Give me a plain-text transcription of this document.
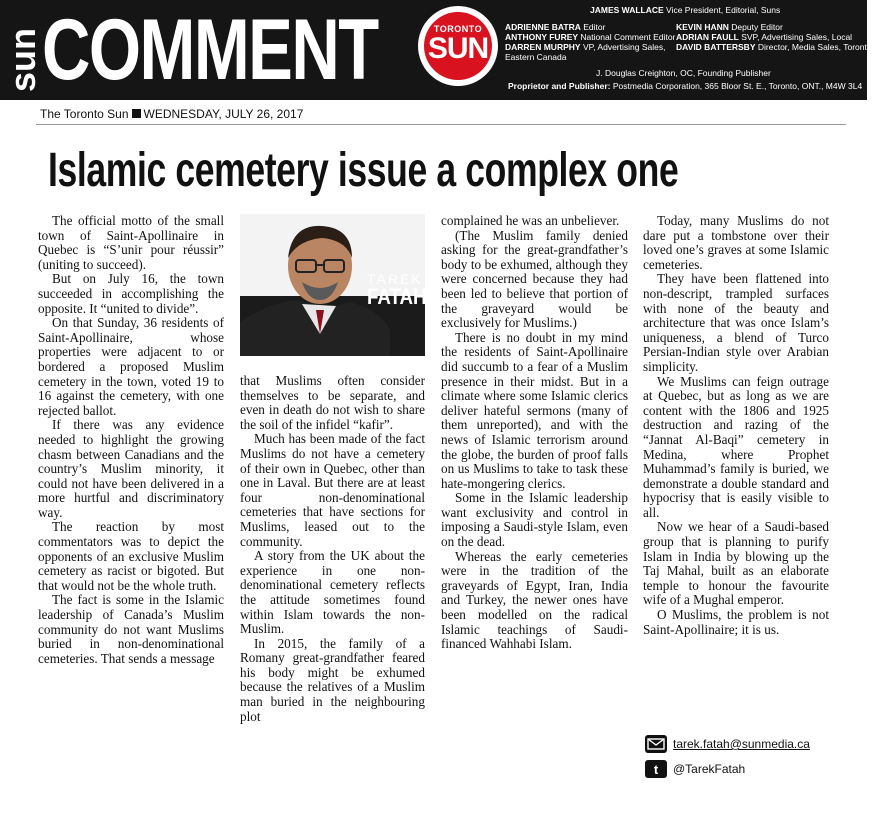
sun COMMENT	TORONTO
SUN
JAMES WALLACE Vice President, Editorial, Suns
ADRIENNE BATRA Editor
ANTHONY FUREY National Comment Editor
DARREN MURPHY VP, Advertising Sales,
Eastern Canada
KEVIN HANN Deputy Editor
ADRIAN FAULL SVP, Advertising Sales, Local
DAVID BATTERSBY Director, Media Sales, Toronto
J. Douglas Creighton, OC, Founding Publisher
Proprietor and Publisher: Postmedia Corporation, 365 Bloor St. E., Toronto, ONT., M4W 3L4
The Toronto Sun WEDNESDAY, JULY 26, 2017
Islamic cemetery issue a complex one

The official motto of the small town of Saint-Apollinaire in Quebec is “S’unir pour réussir” (uniting to succeed).

But on July 16, the town succeeded in accomplishing the opposite. It “united to divide”.

On that Sunday, 36 residents of Saint-Apollinaire, whose properties were adjacent to or bordered a proposed Muslim cemetery in the town, voted 19 to 16 against the cemetery, with one rejected ballot.

If there was any evidence needed to highlight the growing chasm between Canadians and the country’s Muslim minority, it could not have been delivered in a more hurtful and discriminatory way.

The reaction by most commentators was to depict the opponents of an exclusive Muslim cemetery as racist or bigoted. But that would not be the whole truth.

The fact is some in the Islamic leadership of Canada’s Muslim community do not want Muslims buried in non-denominational cemeteries. That sends a message

TAREK
FATAH

that Muslims often consider themselves to be separate, and even in death do not wish to share the soil of the infidel “kafir”.

Much has been made of the fact Muslims do not have a cemetery of their own in Quebec, other than one in Laval. But there are at least four non-denominational cemeteries that have sections for Muslims, leased out to the community.

A story from the UK about the experience in one non-denominational cemetery reflects the attitude sometimes found within Islam towards the non-Muslim.

In 2015, the family of a Romany great-grandfather feared his body might be exhumed because the relatives of a Muslim man buried in the neighbouring plot

complained he was an unbeliever.

(The Muslim family denied asking for the great-grandfather’s body to be exhumed, although they were concerned because they had been led to believe that portion of the graveyard would be exclusively for Muslims.)

There is no doubt in my mind the residents of Saint-Apollinaire did succumb to a fear of a Muslim presence in their midst. But in a climate where some Islamic clerics deliver hateful sermons (many of them unreported), and with the news of Islamic terrorism around the globe, the burden of proof falls on us Muslims to take to task these hate-mongering clerics.

Some in the Islamic leadership want exclusivity and control in imposing a Saudi-style Islam, even on the dead.

Whereas the early cemeteries were in the tradition of the graveyards of Egypt, Iran, India and Turkey, the newer ones have been modelled on the radical Islamic teachings of Saudi-financed Wahhabi Islam.

Today, many Muslims do not dare put a tombstone over their loved one’s graves at some Islamic cemeteries.

They have been flattened into non-descript, trampled surfaces with none of the beauty and architecture that was once Islam’s uniqueness, a blend of Turco Persian-Indian style over Arabian simplicity.

We Muslims can feign outrage at Quebec, but as long as we are content with the 1806 and 1925 destruction and razing of the “Jannat Al-Baqi” cemetery in Medina, where Prophet Muhammad’s family is buried, we demonstrate a double standard and hypocrisy that is easily visible to all.

Now we hear of a Saudi-based group that is planning to purify Islam in India by blowing up the Taj Mahal, built as an elaborate temple to honour the favourite wife of a Mughal emperor.

O Muslims, the problem is not Saint-Apollinaire; it is us.

tarek.fatah@sunmedia.ca
t @TarekFatah
